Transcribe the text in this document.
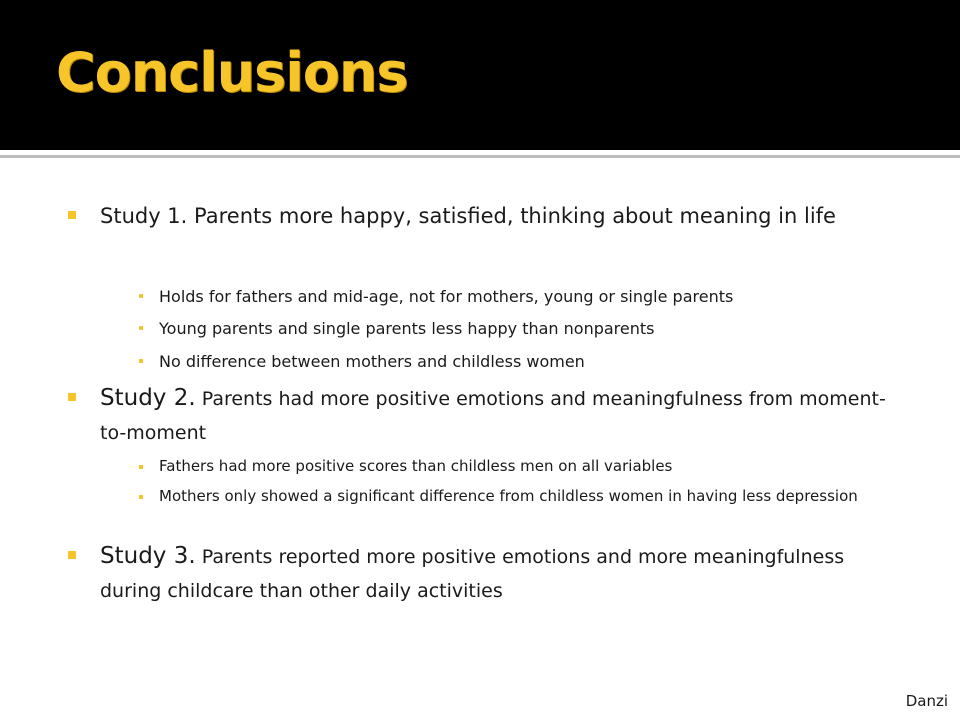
Conclusions
Study 1. Parents more happy, satisfied, thinking about meaning in life
Holds for fathers and mid-age, not for mothers, young or single parents
Young parents and single parents less happy than nonparents
No difference between mothers and childless women
Study 2. Parents had more positive emotions and meaningfulness from moment-to-moment
Fathers had more positive scores than childless men on all variables
Mothers only showed a significant difference from childless women in having less depression
Study 3. Parents reported more positive emotions and more meaningfulness during childcare than other daily activities
Danzi
